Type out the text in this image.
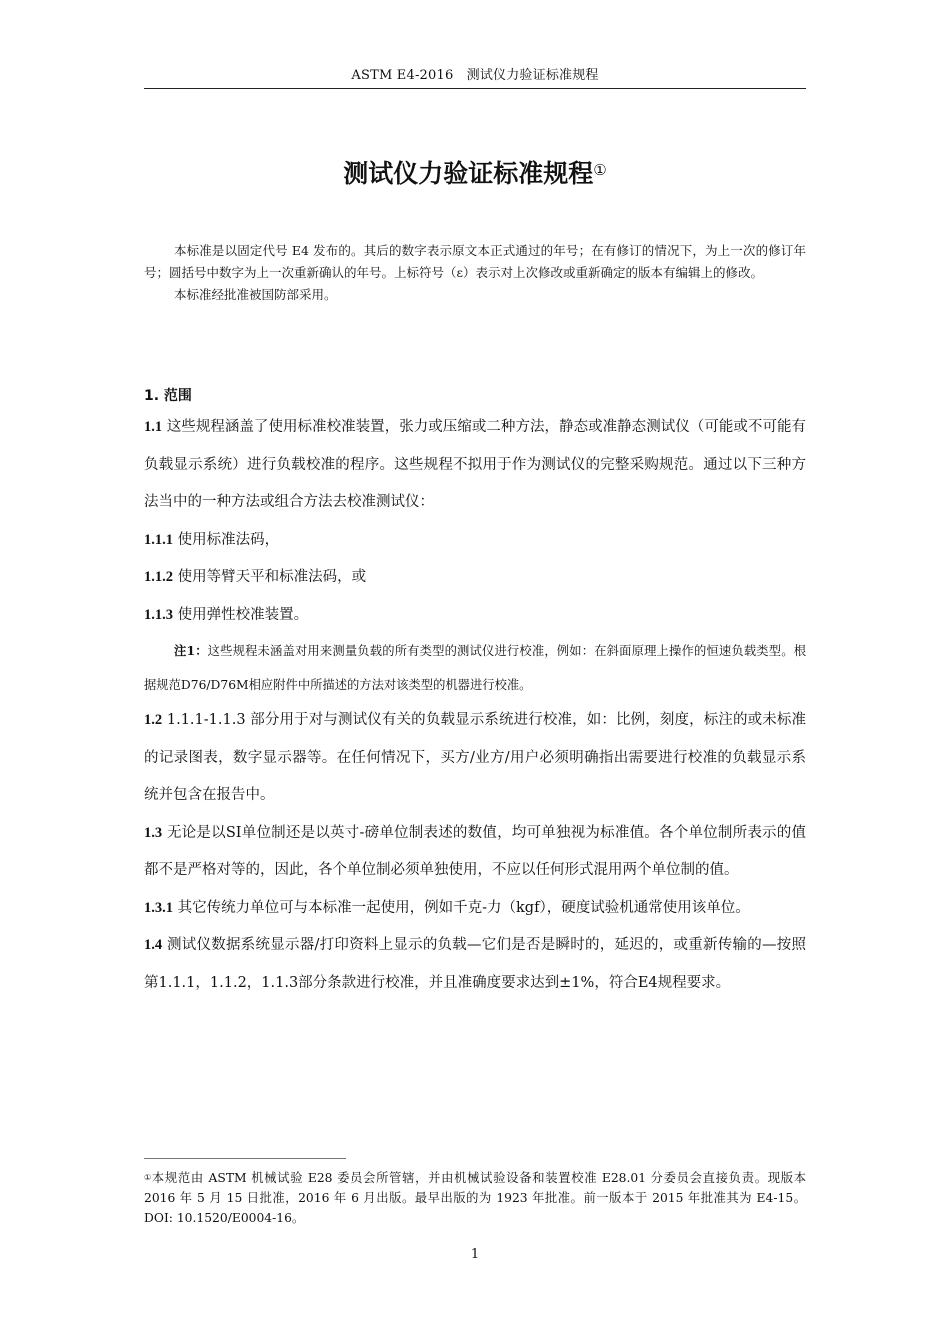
ASTM E4-2016　测试仪力验证标准规程
测试仪力验证标准规程①

本标准是以固定代号 E4 发布的。其后的数字表示原文本正式通过的年号；在有修订的情况下，为上一次的修订年号；圆括号中数字为上一次重新确认的年号。上标符号（ε）表示对上次修改或重新确定的版本有编辑上的修改。

本标准经批准被国防部采用。

1. 范围

1.1 这些规程涵盖了使用标准校准装置，张力或压缩或二种方法，静态或准静态测试仪（可能或不可能有负载显示系统）进行负载校准的程序。这些规程不拟用于作为测试仪的完整采购规范。通过以下三种方法当中的一种方法或组合方法去校准测试仪：

1.1.1 使用标准法码，

1.1.2 使用等臂天平和标准法码，或

1.1.3 使用弹性校准装置。

注1：这些规程未涵盖对用来测量负载的所有类型的测试仪进行校准，例如：在斜面原理上操作的恒速负载类型。根据规范D76/D76M相应附件中所描述的方法对该类型的机器进行校准。

1.2 1.1.1-1.1.3 部分用于对与测试仪有关的负载显示系统进行校准，如：比例，刻度，标注的或未标准的记录图表，数字显示器等。在任何情况下，买方/业方/用户必须明确指出需要进行校准的负载显示系统并包含在报告中。

1.3 无论是以SI单位制还是以英寸-磅单位制表述的数值，均可单独视为标准值。各个单位制所表示的值都不是严格对等的，因此，各个单位制必须单独使用，不应以任何形式混用两个单位制的值。

1.3.1 其它传统力单位可与本标准一起使用，例如千克-力（kgf），硬度试验机通常使用该单位。

1.4 测试仪数据系统显示器/打印资料上显示的负载—它们是否是瞬时的，延迟的，或重新传输的—按照第1.1.1，1.1.2，1.1.3部分条款进行校准，并且准确度要求达到±1%，符合E4规程要求。

①本规范由 ASTM 机械试验 E28 委员会所管辖，并由机械试验设备和装置校准 E28.01 分委员会直接负责。现版本 2016 年 5 月 15 日批准，2016 年 6 月出版。最早出版的为 1923 年批准。前一版本于 2015 年批准其为 E4-15。DOI: 10.1520/E0004-16。
1
